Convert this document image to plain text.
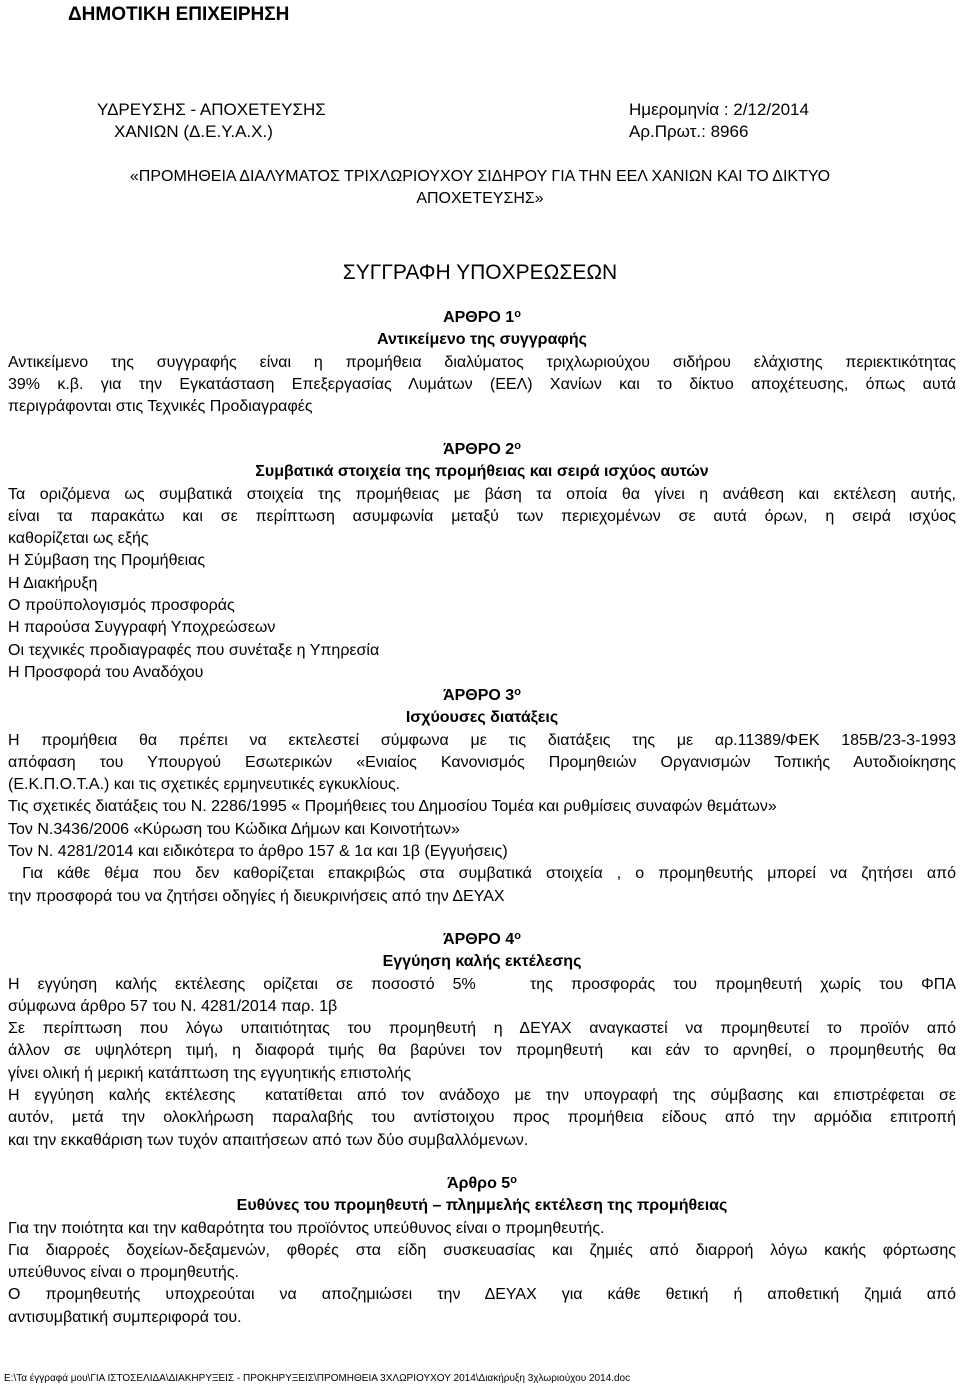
ΔΗΜΟΤΙΚΗ ΕΠΙΧΕΙΡΗΣΗ
ΥΔΡΕΥΣΗΣ - ΑΠΟΧΕΤΕΥΣΗΣ
ΧΑΝΙΩΝ (Δ.Ε.Υ.Α.Χ.)
Ημερομηνία : 2/12/2014
Αρ.Πρωτ.: 8966
«ΠΡΟΜΗΘΕΙΑ ΔΙΑΛΥΜΑΤΟΣ ΤΡΙΧΛΩΡΙΟΥΧΟΥ ΣΙΔΗΡΟΥ ΓΙΑ ΤΗΝ ΕΕΛ ΧΑΝΙΩΝ ΚΑΙ ΤΟ ΔΙΚΤΥΟ
ΑΠΟΧΕΤΕΥΣΗΣ»
ΣΥΓΓΡΑΦΗ ΥΠΟΧΡΕΩΣΕΩΝ

ΑΡΘΡΟ $1^o$

Αντικείμενο της συγγραφής

Αντικείμενο της συγγραφής είναι η προμήθεια διαλύματος τριχλωριούχου σιδήρου ελάχιστης περιεκτικότητας

39% κ.β. για την Εγκατάσταση Επεξεργασίας Λυμάτων (ΕΕΛ) Χανίων και το δίκτυο αποχέτευσης, όπως αυτά

περιγράφονται στις Τεχνικές Προδιαγραφές

ΆΡΘΡΟ $2^o$

Συμβατικά στοιχεία της προμήθειας και σειρά ισχύος αυτών

Τα οριζόμενα ως συμβατικά στοιχεία της προμήθειας με βάση τα οποία θα γίνει η ανάθεση και εκτέλεση αυτής,

είναι τα παρακάτω και σε περίπτωση ασυμφωνία μεταξύ των περιεχομένων σε αυτά όρων, η σειρά ισχύος

καθορίζεται ως εξής

Η Σύμβαση της Προμήθειας

Η Διακήρυξη

Ο προϋπολογισμός προσφοράς

Η παρούσα Συγγραφή Υποχρεώσεων

Οι τεχνικές προδιαγραφές που συνέταξε η Υπηρεσία

Η Προσφορά του Αναδόχου

ΆΡΘΡΟ $3^o$

Ισχύουσες διατάξεις

Η προμήθεια θα πρέπει να εκτελεστεί σύμφωνα με τις διατάξεις της με αρ.11389/ΦΕΚ 185Β/23-3-1993

απόφαση του Υπουργού Εσωτερικών «Ενιαίος Κανονισμός Προμηθειών Οργανισμών Τοπικής Αυτοδιοίκησης

(Ε.Κ.Π.Ο.Τ.Α.) και τις σχετικές ερμηνευτικές εγκυκλίους.

Τις σχετικές διατάξεις του Ν. 2286/1995 « Προμήθειες του Δημοσίου Τομέα και ρυθμίσεις συναφών θεμάτων»

Τον Ν.3436/2006 «Κύρωση του Κώδικα Δήμων και Κοινοτήτων»

Τον Ν. 4281/2014 και ειδικότερα το άρθρο 157 & 1α και 1β (Εγγυήσεις)

Για κάθε θέμα που δεν καθορίζεται επακριβώς στα συμβατικά στοιχεία , ο προμηθευτής μπορεί να ζητήσει από

την προσφορά του να ζητήσει οδηγίες ή διευκρινήσεις από την ΔΕΥΑΧ

ΆΡΘΡΟ $4^o$

Εγγύηση καλής εκτέλεσης

Η εγγύηση καλής εκτέλεσης ορίζεται σε ποσοστό 5%   της προσφοράς του προμηθευτή χωρίς του ΦΠΑ

σύμφωνα άρθρο 57 του Ν. 4281/2014 παρ. 1β

Σε περίπτωση που λόγω υπαιτιότητας του προμηθευτή η ΔΕΥΑΧ αναγκαστεί να προμηθευτεί το προϊόν από

άλλον σε υψηλότερη τιμή, η διαφορά τιμής θα βαρύνει τον προμηθευτή  και εάν το αρνηθεί, ο προμηθευτής θα

γίνει ολική ή μερική κατάπτωση της εγγυητικής επιστολής

Η εγγύηση καλής εκτέλεσης  κατατίθεται από τον ανάδοχο με την υπογραφή της σύμβασης και επιστρέφεται σε

αυτόν, μετά την ολοκλήρωση παραλαβής του αντίστοιχου προς προμήθεια είδους από την αρμόδια επιτροπή

και την εκκαθάριση των τυχόν απαιτήσεων από των δύο συμβαλλόμενων.

Άρθρο $5^o$

Ευθύνες του προμηθευτή – πλημμελής εκτέλεση της προμήθειας

Για την ποιότητα και την καθαρότητα του προϊόντος υπεύθυνος είναι ο προμηθευτής.

Για διαρροές δοχείων-δεξαμενών, φθορές στα είδη συσκευασίας και ζημιές από διαρροή λόγω κακής φόρτωσης

υπεύθυνος είναι ο προμηθευτής.

Ο προμηθευτής υποχρεούται να αποζημιώσει την ΔΕΥΑΧ για κάθε θετική ή αποθετική ζημιά από

αντισυμβατική συμπεριφορά του.

E:\Τα έγγραφά μου\ΓΙΑ ΙΣΤΟΣΕΛΙΔΑ\ΔΙΑΚΗΡΥΞΕΙΣ - ΠΡΟΚΗΡΥΞΕΙΣ\ΠΡΟΜΗΘΕΙΑ 3ΧΛΩΡΙΟΥΧΟΥ 2014\Διακήρυξη 3χλωριούχου 2014.doc
